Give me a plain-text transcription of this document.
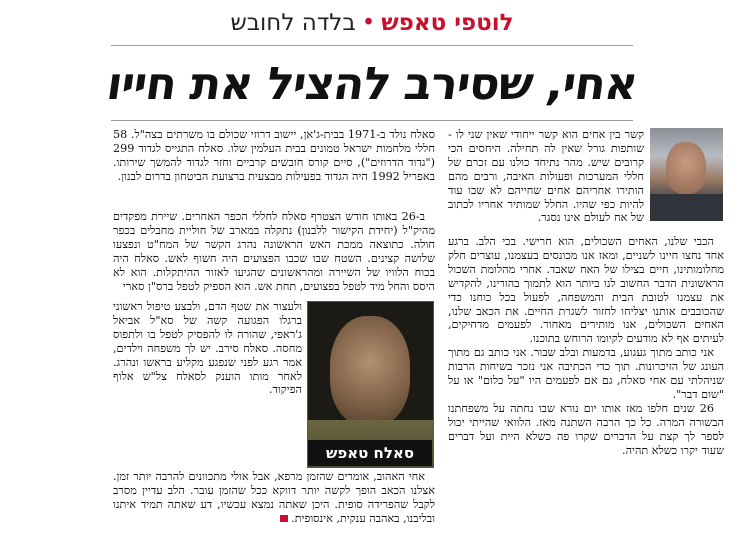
לוטפי טאפש•בלדה לחובש
אחי, שסירב להציל את חייו

קשר בין אחים הוא קשר ייחודי שאין שני לו - שותפות גורל שאין לה תחילה. היחסים הכי קרובים שיש. מהר נתיחד כולנו עם זכרם של חללי המערכות ופעולות האיבה, ורבים מהם הותירו אחריהם אחים שחייהם לא שבו עוד להיות כפי שהיו. החלל שמותיר אחריו לכתוב של אח לעולם אינו נסגר.

הכבי שלנו, האחים השכולים, הוא חרישי. בכי הלב. ברגע אחד נחצו חיינו לשניים, ומאז אנו מכונסים בעצמנו, עוצרים חלק מחלומותינו, חיים בצילו של האח שאבד. אחרי מהלומת השכול הראשונית הדבר החשוב לנו ביותר הוא לתמוך בהורינו, להקדיש את עצמנו לטובת הבית והמשפחה, לפעול בכל כוחנו כדי שהכובבים אותנו יצליחו לחזור לשגרת החיים. את הכאב שלנו, האחים השכולים, אנו מותירים מאחור. לפעמים מדחיקים, לעיתים אף לא מודעים לקיומו הרוחש בתוכנו.

אני כותב מתוך געגוע, בדמעות ובלב שבור. אני כותב גם מתוך העונג של הזיכרונות. תוך כדי הכתיבה אני נזכר בשיחות הרבות שניהלתי עם אחי סאלח, גם אם לפעמים היו "על כלום" או על "שום דבר".

26 שנים חלפו מאז אותו יום נורא שבו נחתה על משפחתנו הבשורה המרה. כל כך הרבה השתנה מאז. הלוואי שהייתי יכול לספר לך קצת על הדברים שקרו פה כשלא היית ועל דברים שעוד יקרו כשלא תהיה.

סאלח נולד ב-1971 בבית-ג'אן, יישוב דרוזי שכולם בו משרתים בצה"ל. 58 חללי מלחמות ישראל טמונים בבית העלמין שלו. סאלח התגייס לגדוד 299 ("גדוד הדרוזים"), סיים קורס חובשים קרביים וחזר לגדוד להמשך שירותו. באפריל 1992 היה הגדוד בפעילות מבצעית ברצועת הביטחון בדרום לבנון.

ב-26 באותו חודש הצטרף סאלח לחללי הכפר האחרים. שיירת מפקדים מהיק"ל (יחידת הקישור ללבנון) נתקלה במארב של חוליית מחבלים בכפר חולה. כתוצאה ממכת האש הראשונה נהרג הקשר של המח"ט ונפצעו שלושה קצינים. השטח שבו שכבו הפצועים היה חשוף לאש. סאלח היה בכוח הלוויו של השיירה ומהראשונים שהגיעו לאזור ההיתקלות. הוא לא היסס והחל מיד לטפל בפצועים, תחת אש. הוא הספיק לטפל ברס"ן סארי

ולעצור את שטף הדם, ולבצע טיפול ראשוני ברגלו הפגועה קשה של סא"ל אביאל ג'ראפי, שהורה לו להפסיק לטפל בו ולתפוס מחסה. סאלח סירב. יש לך משפחה וילדים, אמר רגע לפני שנפגע מקליע בראשו ונהרג. לאחר מותו הוענק לסאלח צל"ש אלוף הפיקוד.

סאלח טאפש

אחי האהוב, אומרים שהזמן מרפא, אבל אולי מתכוונים להרבה יותר זמן. אצלנו הכאב הופך לקשה יותר דווקא ככל שהזמן עובר. הלב עדיין מסרב לקבל שהפרידה סופית. היכן שאתה נמצא עכשיו, דע שאתה תמיד איתנו ובליבנו, באהבה ענקית, אינסופית.
